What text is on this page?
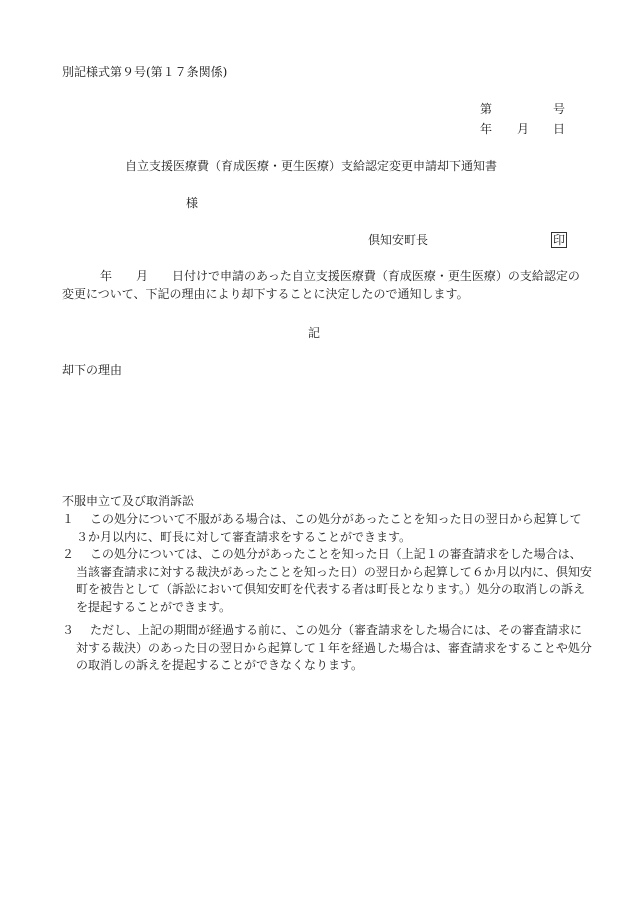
別記様式第９号(第１７条関係)
第	号
年 月 日
自立支援医療費（育成医療・更生医療）支給認定変更申請却下通知書
様
倶知安町長	印
年 月 日付けで申請のあった自立支援医療費（育成医療・更生医療）の支給認定の変更について、下記の理由により却下することに決定したので通知します。
記
却下の理由
不服申立て及び取消訴訟
１ この処分について不服がある場合は、この処分があったことを知った日の翌日から起算して３か月以内に、町長に対して審査請求をすることができます。
２ この処分については、この処分があったことを知った日（上記１の審査請求をした場合は、当該審査請求に対する裁決があったことを知った日）の翌日から起算して６か月以内に、倶知安町を被告として（訴訟において倶知安町を代表する者は町長となります。）処分の取消しの訴えを提起することができます。
３ ただし、上記の期間が経過する前に、この処分（審査請求をした場合には、その審査請求に対する裁決）のあった日の翌日から起算して１年を経過した場合は、審査請求をすることや処分の取消しの訴えを提起することができなくなります。
